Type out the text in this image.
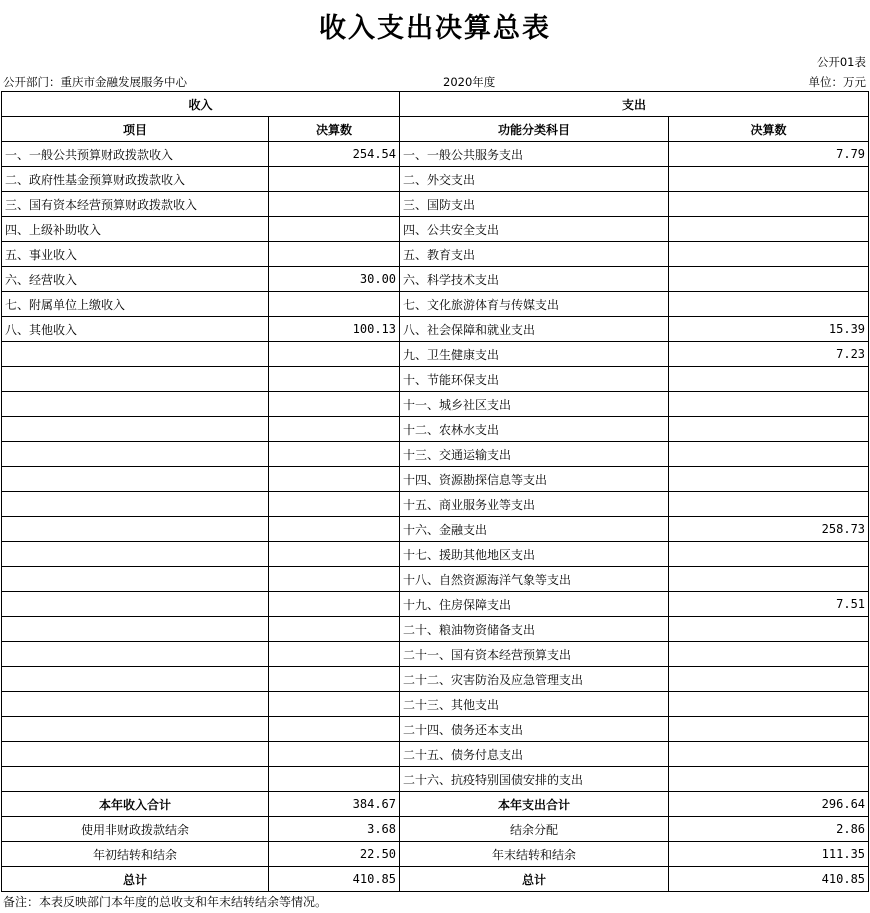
收入支出决算总表
公开01表
公开部门：重庆市金融发展服务中心	2020年度	单位：万元
收入		支出	
项目	决算数	功能分类科目	决算数
一、一般公共预算财政拨款收入	254.54	一、一般公共服务支出	7.79
二、政府性基金预算财政拨款收入		二、外交支出	
三、国有资本经营预算财政拨款收入		三、国防支出	
四、上级补助收入		四、公共安全支出	
五、事业收入		五、教育支出	
六、经营收入	30.00	六、科学技术支出	
七、附属单位上缴收入		七、文化旅游体育与传媒支出	
八、其他收入	100.13	八、社会保障和就业支出	15.39
		九、卫生健康支出	7.23
		十、节能环保支出	
		十一、城乡社区支出	
		十二、农林水支出	
		十三、交通运输支出	
		十四、资源勘探信息等支出	
		十五、商业服务业等支出	
		十六、金融支出	258.73
		十七、援助其他地区支出	
		十八、自然资源海洋气象等支出	
		十九、住房保障支出	7.51
		二十、粮油物资储备支出	
		二十一、国有资本经营预算支出	
		二十二、灾害防治及应急管理支出	
		二十三、其他支出	
		二十四、债务还本支出	
		二十五、债务付息支出	
		二十六、抗疫特别国债安排的支出	
本年收入合计	384.67	本年支出合计	296.64
使用非财政拨款结余	3.68	结余分配	2.86
年初结转和结余	22.50	年末结转和结余	111.35
总计	410.85	总计	410.85
备注：本表反映部门本年度的总收支和年末结转结余等情况。
